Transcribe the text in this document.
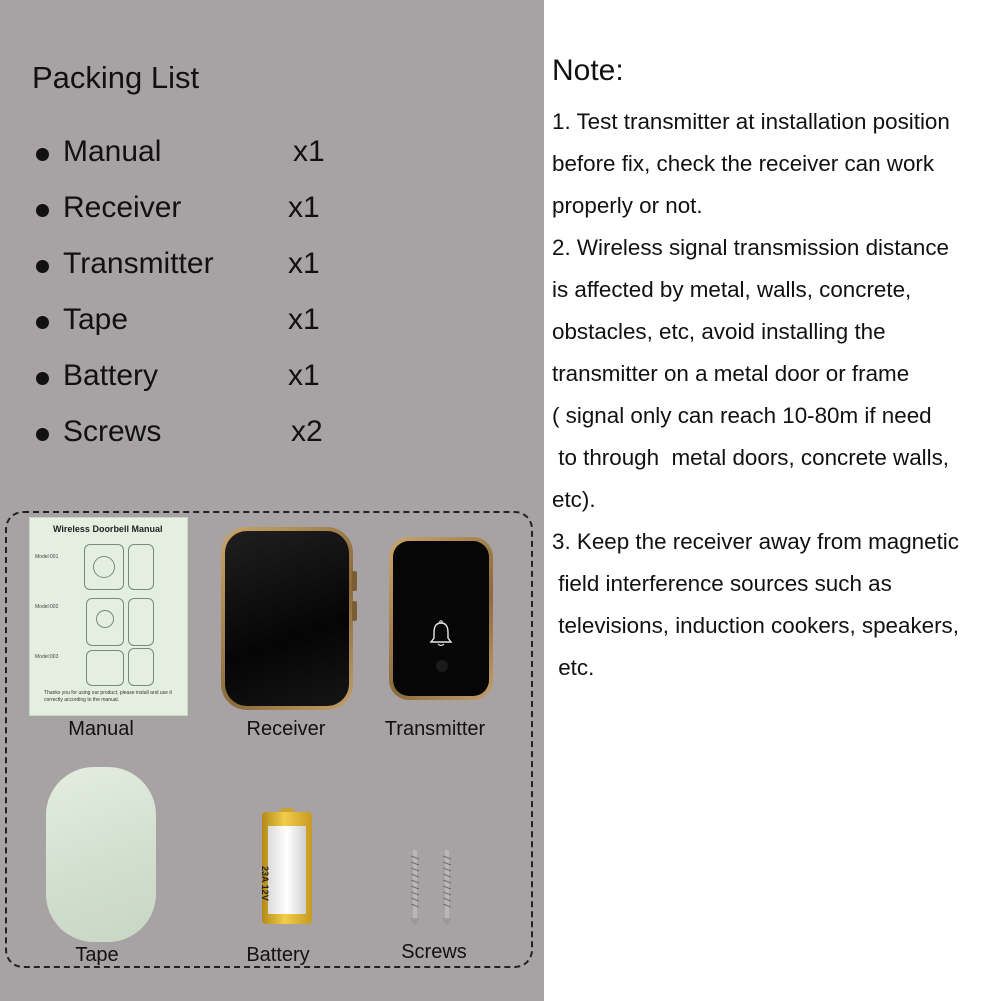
Packing List
Manual	x1
Receiver	x1
Transmitter x1
Tape	x1
Battery	x1
Screws	x2
Wireless Doorbell Manual
Model:001
Model:002
Model:003
Thanks you for using our product, please install and use it correctly according to the manual.
Manual	Receiver	Transmitter
Tape
23A 12V
Battery	Screws
Note:
1. Test transmitter at installation position
before fix, check the receiver can work
properly or not.
2. Wireless signal transmission distance
is affected by metal, walls, concrete,
obstacles, etc, avoid installing the
transmitter on a metal door or frame
( signal only can reach 10-80m if need
to through  metal doors, concrete walls,
etc).
3. Keep the receiver away from magnetic
field interference sources such as
televisions, induction cookers, speakers,
etc.
